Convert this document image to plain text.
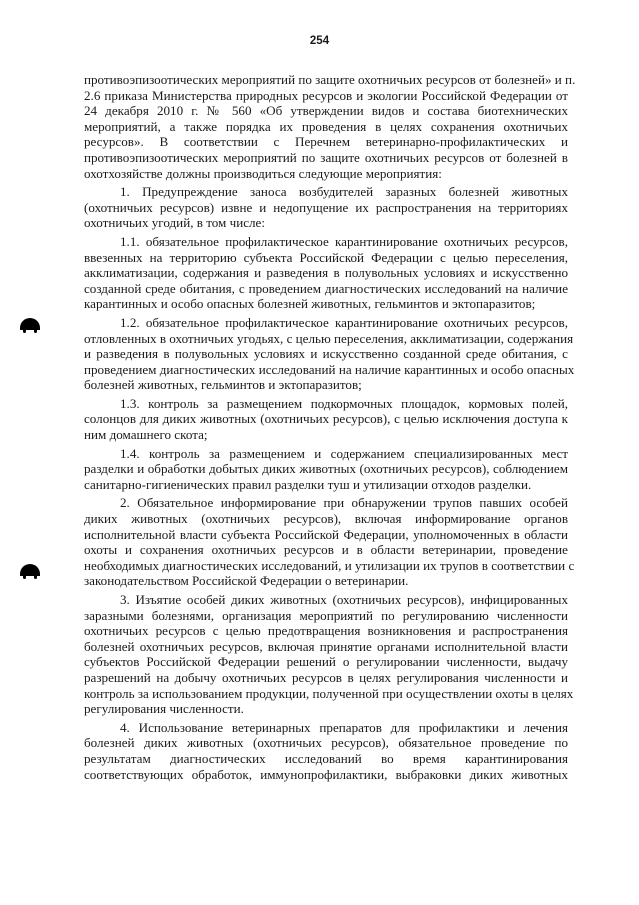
254
противоэпизоотических мероприятий по защите охотничьих ресурсов от болезней» и п.
2.6 приказа Министерства природных ресурсов и экологии Российской Федерации от
24 декабря 2010 г. № 560 «Об утверждении видов и состава биотехнических
мероприятий, а также порядка их проведения в целях сохранения охотничьих
ресурсов». В соответствии с Перечнем ветеринарно-профилактических и
противоэпизоотических мероприятий по защите охотничьих ресурсов от болезней в
охотхозяйстве должны производиться следующие мероприятия:
1. Предупреждение заноса возбудителей заразных болезней животных
(охотничьих ресурсов) извне и недопущение их распространения на территориях
охотничьих угодий, в том числе:
1.1. обязательное профилактическое карантинирование охотничьих ресурсов,
ввезенных на территорию субъекта Российской Федерации с целью переселения,
акклиматизации, содержания и разведения в полувольных условиях и искусственно
созданной среде обитания, с проведением диагностических исследований на наличие
карантинных и особо опасных болезней животных, гельминтов и эктопаразитов;
1.2. обязательное профилактическое карантинирование охотничьих ресурсов,
отловленных в охотничьих угодьях, с целью переселения, акклиматизации, содержания
и разведения в полувольных условиях и искусственно созданной среде обитания, с
проведением диагностических исследований на наличие карантинных и особо опасных
болезней животных, гельминтов и эктопаразитов;
1.3. контроль за размещением подкормочных площадок, кормовых полей,
солонцов для диких животных (охотничьих ресурсов), с целью исключения доступа к
ним домашнего скота;
1.4. контроль за размещением и содержанием специализированных мест
разделки и обработки добытых диких животных (охотничьих ресурсов), соблюдением
санитарно-гигиенических правил разделки туш и утилизации отходов разделки.
2. Обязательное информирование при обнаружении трупов павших особей
диких животных (охотничьих ресурсов), включая информирование органов
исполнительной власти субъекта Российской Федерации, уполномоченных в области
охоты и сохранения охотничьих ресурсов и в области ветеринарии, проведение
необходимых диагностических исследований, и утилизации их трупов в соответствии с
законодательством Российской Федерации о ветеринарии.
3. Изъятие особей диких животных (охотничьих ресурсов), инфицированных
заразными болезнями, организация мероприятий по регулированию численности
охотничьих ресурсов с целью предотвращения возникновения и распространения
болезней охотничьих ресурсов, включая принятие органами исполнительной власти
субъектов Российской Федерации решений о регулировании численности, выдачу
разрешений на добычу охотничьих ресурсов в целях регулирования численности и
контроль за использованием продукции, полученной при осуществлении охоты в целях
регулирования численности.
4. Использование ветеринарных препаратов для профилактики и лечения
болезней диких животных (охотничьих ресурсов), обязательное проведение по
результатам диагностических исследований во время карантинирования
соответствующих обработок, иммунопрофилактики, выбраковки диких животных
